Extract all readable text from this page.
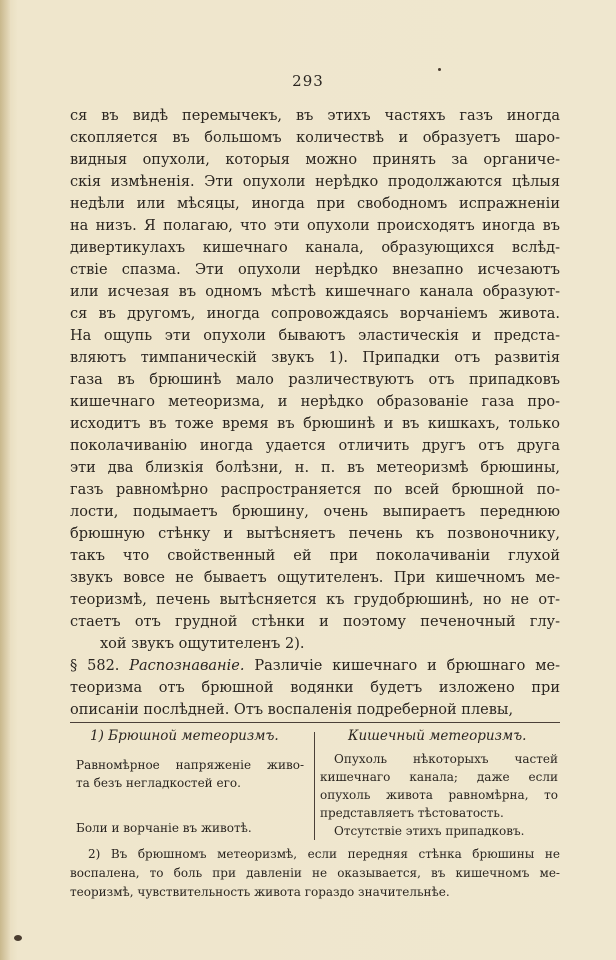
293
ся въ видѣ перемычекъ, въ этихъ частяхъ газъ иногда
скопляется въ большомъ количествѣ и образуетъ шаро-
видныя опухоли, которыя можно принять за органиче-
скія измѣненія. Эти опухоли нерѣдко продолжаются цѣлыя
недѣли или мѣсяцы, иногда при свободномъ испражненіи
на низъ. Я полагаю, что эти опухоли происходятъ иногда въ
дивертикулахъ кишечнаго канала, образующихся вслѣд-
ствіе спазма. Эти опухоли нерѣдко внезапно исчезаютъ
или исчезая въ одномъ мѣстѣ кишечнаго канала образуют-
ся въ другомъ, иногда сопровождаясь ворчаніемъ живота.
На ощупь эти опухоли бываютъ эластическія и предста-
вляютъ тимпаническій звукъ 1). Припадки отъ развитія
газа въ брюшинѣ мало различествуютъ отъ припадковъ
кишечнаго метеоризма, и нерѣдко образованіе газа про-
исходитъ въ тоже время въ брюшинѣ и въ кишкахъ, только
поколачиванію иногда удается отличить другъ отъ друга
эти два близкія болѣзни, н. п. въ метеоризмѣ брюшины,
газъ равномѣрно распространяется по всей брюшной по-
лости, подымаетъ брюшину, очень выпираетъ переднюю
брюшную стѣнку и вытѣсняетъ печень къ позвоночнику,
такъ что свойственный ей при поколачиваніи глухой
звукъ вовсе не бываетъ ощутителенъ. При кишечномъ ме-
теоризмѣ, печень вытѣсняется къ грудобрюшинѣ, но не от-
стаетъ отъ грудной стѣнки и поэтому печеночный глу-
хой звукъ ощутителенъ 2).
§ 582. Распознаваніе. Различіе кишечнаго и брюшнаго ме-
теоризма отъ брюшной водянки будетъ изложено при
описаніи послѣдней. Отъ воспаленія подреберной плевы,
1) Брюшной метеоризмъ.	Кишечный метеоризмъ.
Равномѣрное напряженіе живо-
та безъ негладкостей его.
Боли и ворчаніе въ животѣ.
Опухоль нѣкоторыхъ частей
кишечнаго канала; даже если
опухоль живота равномѣрна, то
представляетъ тѣстоватость.
Отсутствіе этихъ припадковъ.
2) Въ брюшномъ метеоризмѣ, если передняя стѣнка брюшины не
воспалена, то боль при давленіи не оказывается, въ кишечномъ ме-
теоризмѣ, чувствительность живота гораздо значительнѣе.
